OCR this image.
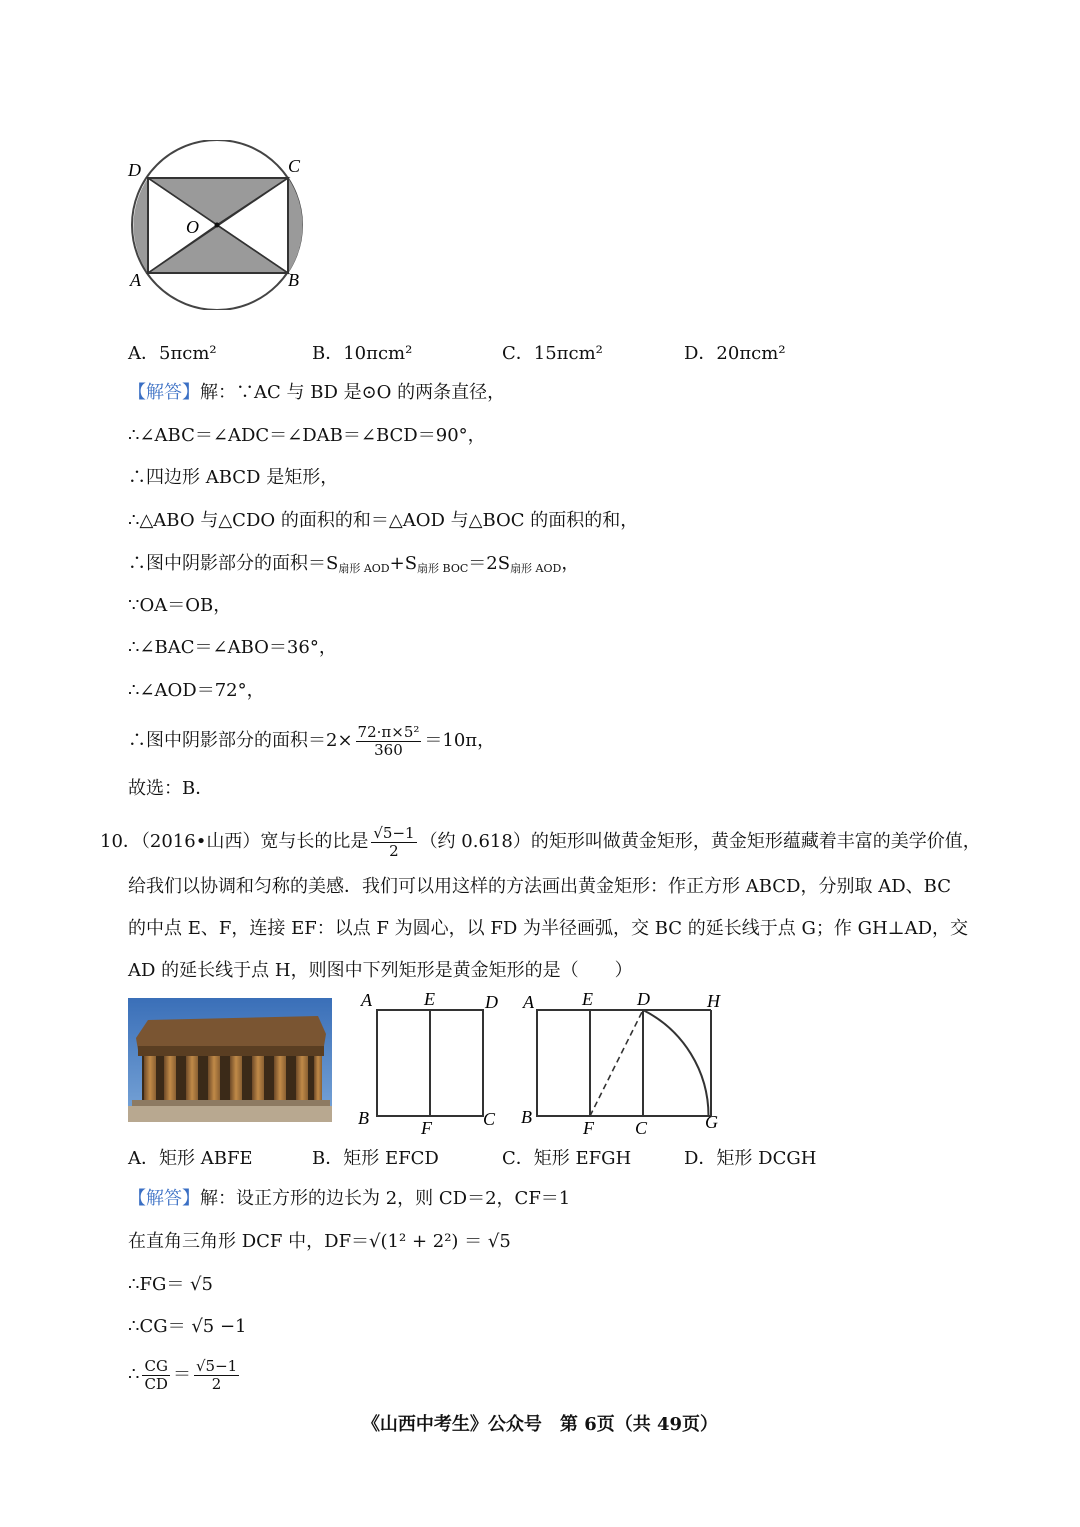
D	C
O
A	B
A．5πcm²	B．10πcm²	C．15πcm²	D．20πcm²
【解答】解：∵AC 与 BD 是⊙O 的两条直径，
∴∠ABC＝∠ADC＝∠DAB＝∠BCD＝90°，
∴四边形 ABCD 是矩形，
∴△ABO 与△CDO 的面积的和＝△AOD 与△BOC 的面积的和，
∴图中阴影部分的面积$=S_{扇形 AOD}+S_{扇形 BOC}=2S_{扇形 AOD}$，
∵OA＝OB，
∴∠BAC＝∠ABO＝36°，
∴∠AOD＝72°，
∴图中阴影部分的面积$=2\times \frac{\text{72·π×5²}}{360} =10\pi$，
故选：B．
10．（2016•山西）宽与长的比是 $\frac{√5-1}{2}$ （约 0.618）的矩形叫做黄金矩形，黄金矩形蕴藏着丰富的美学价值，
给我们以协调和匀称的美感．我们可以用这样的方法画出黄金矩形：作正方形 ABCD，分别取 AD、BC
的中点 E、F，连接 EF：以点 F 为圆心，以 FD 为半径画弧，交 BC 的延长线于点 G；作 GH⊥AD，交
AD 的延长线于点 H，则图中下列矩形是黄金矩形的是（　　）
A	E	D
B	F	C
A	E D	H
B
F C	G
A．矩形 ABFE	B．矩形 EFCD	C．矩形 EFGH	D．矩形 DCGH
【解答】解：设正方形的边长为 2，则 CD＝2，CF＝1
在直角三角形 DCF 中，DF＝√(1² + 2²) ＝ √5
∴FG＝ √5
∴CG＝ √5 −1
∴ $\frac{CG}{CD} = \frac{√5-1}{2}$
《山西中考生》公众号　第 6页（共 49页）
